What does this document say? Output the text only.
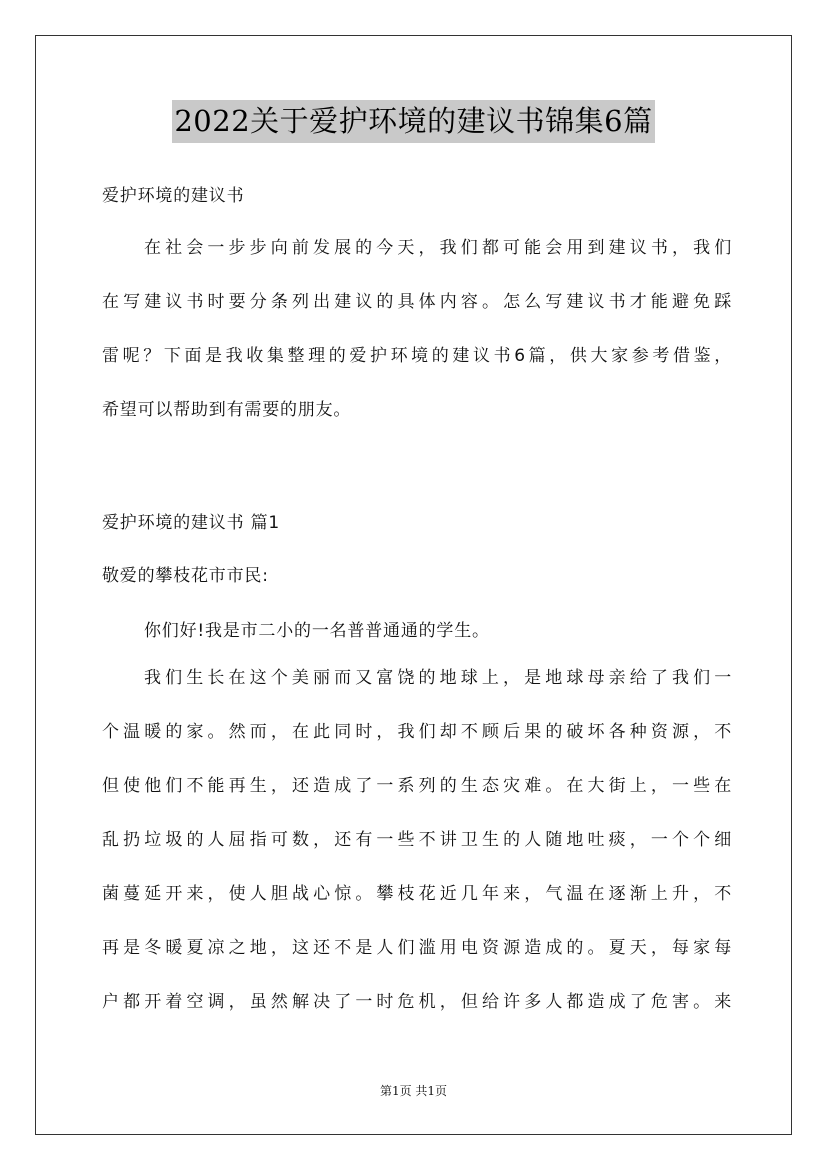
2022关于爱护环境的建议书锦集6篇
爱护环境的建议书
在社会一步步向前发展的今天，我们都可能会用到建议书，我们
在写建议书时要分条列出建议的具体内容。怎么写建议书才能避免踩
雷呢？下面是我收集整理的爱护环境的建议书6篇，供大家参考借鉴，
希望可以帮助到有需要的朋友。
爱护环境的建议书 篇1
敬爱的攀枝花市市民:
你们好!我是市二小的一名普普通通的学生。
我们生长在这个美丽而又富饶的地球上，是地球母亲给了我们一
个温暖的家。然而，在此同时，我们却不顾后果的破坏各种资源，不
但使他们不能再生，还造成了一系列的生态灾难。在大街上，一些在
乱扔垃圾的人屈指可数，还有一些不讲卫生的人随地吐痰，一个个细
菌蔓延开来，使人胆战心惊。攀枝花近几年来，气温在逐渐上升，不
再是冬暖夏凉之地，这还不是人们滥用电资源造成的。夏天，每家每
户都开着空调，虽然解决了一时危机，但给许多人都造成了危害。来
第1页 共1页
